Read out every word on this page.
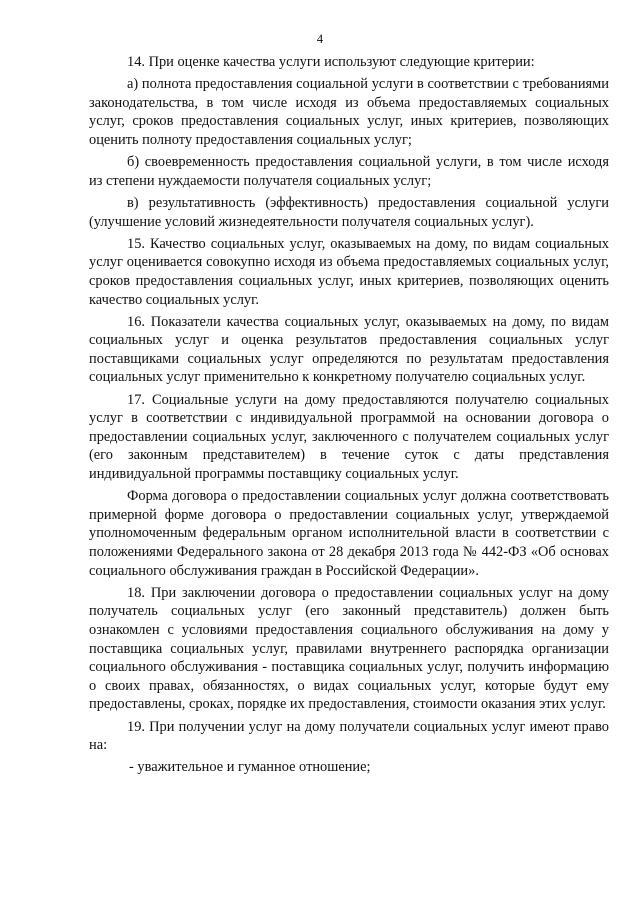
4

14. При оценке качества услуги используют следующие критерии:

а) полнота предоставления социальной услуги в соответствии с требованиями законодательства, в том числе исходя из объема предоставляемых социальных услуг, сроков предоставления социальных услуг, иных критериев, позволяющих оценить полноту предоставления социальных услуг;

б) своевременность предоставления социальной услуги, в том числе исходя из степени нуждаемости получателя социальных услуг;

в) результативность (эффективность) предоставления социальной услуги (улучшение условий жизнедеятельности получателя социальных услуг).

15. Качество социальных услуг, оказываемых на дому, по видам социальных услуг оценивается совокупно исходя из объема предоставляемых социальных услуг, сроков предоставления социальных услуг, иных критериев, позволяющих оценить качество социальных услуг.

16. Показатели качества социальных услуг, оказываемых на дому, по видам социальных услуг и оценка результатов предоставления социальных услуг поставщиками социальных услуг определяются по результатам предоставления социальных услуг применительно к конкретному получателю социальных услуг.

17. Социальные услуги на дому предоставляются получателю социальных услуг в соответствии с индивидуальной программой на основании договора о предоставлении социальных услуг, заключенного с получателем социальных услуг (его законным представителем) в течение суток с даты представления индивидуальной программы поставщику социальных услуг.

Форма договора о предоставлении социальных услуг должна соответствовать примерной форме договора о предоставлении социальных услуг, утверждаемой уполномоченным федеральным органом исполнительной власти в соответствии с положениями Федерального закона от 28 декабря 2013 года № 442-ФЗ «Об основах социального обслуживания граждан в Российской Федерации».

18. При заключении договора о предоставлении социальных услуг на дому получатель социальных услуг (его законный представитель) должен быть ознакомлен с условиями предоставления социального обслуживания на дому у поставщика социальных услуг, правилами внутреннего распорядка организации социального обслуживания - поставщика социальных услуг, получить информацию о своих правах, обязанностях, о видах социальных услуг, которые будут ему предоставлены, сроках, порядке их предоставления, стоимости оказания этих услуг.

19. При получении услуг на дому получатели социальных услуг имеют право на:

- уважительное и гуманное отношение;
